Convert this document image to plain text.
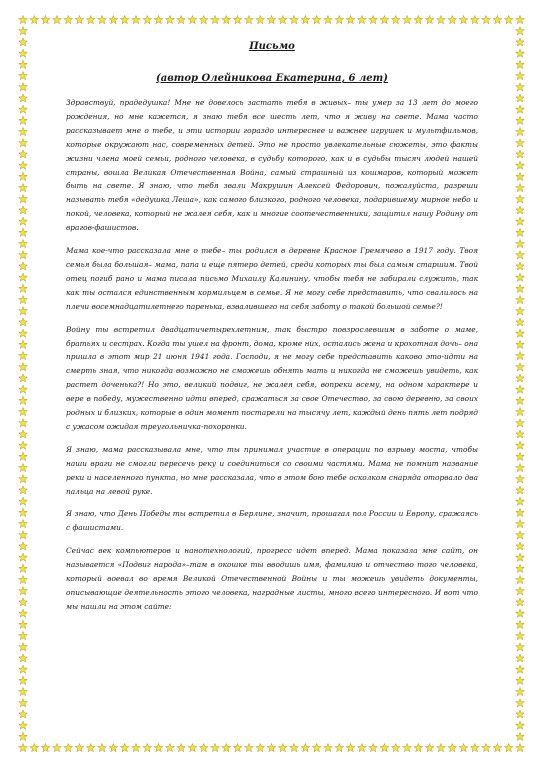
Письмо

(автор Олейникова Екатерина, 6 лет)

Здравствуй, прадедушка! Мне не довелось застать тебя в живых– ты умер за 13 лет до моего рождения, но мне кажется, я знаю тебя все шесть лет, что я живу на свете. Мама часто рассказывает мне о тебе, и эти истории гораздо интереснее и важнее игрушек и мультфильмов, которые окружают нас, современных детей. Это не просто увлекательные сюжеты, это факты жизни члена моей семьи, родного человека, в судьбу которого, как и в судьбы тысяч людей нашей страны, вошла Великая Отечественная Война, самый страшный из кошмаров, который может быть на свете. Я знаю, что тебя звали Макрушин Алексей Федорович, пожалуйста, разреши называть тебя «дедушка Леша», как самого близкого, родного человека, подарившему мирное небо и покой, человека, который не жалея себя, как и многие соотечественники, защитил нашу Родину от врагов-фашистов.

Мама кое-что рассказала мне о тебе– ты родился в деревне Красное Гремячево в 1917 году. Твоя семья была большая– мама, папа и еще пятеро детей, среди которых ты был самым старшим. Твой отец погиб рано и мама писала письмо Михаилу Калинину, чтобы тебя не забирали служить, так как ты остался единственным кормильцем в семье. Я не могу себе представить, что свалилось на плечи восемнадцатилетнего паренька, взвалившего на себя заботу о такой большой семье?!

Войну ты встретил двадцатичетырехлетним, так быстро повзрослевшим в заботе о маме, братьях и сестрах. Когда ты ушел на фронт, дома, кроме них, остались жена и крохотная дочь– она пришла в этот мир 21 июня 1941 года. Господи, я не могу себе представить каково это-идти на смерть зная, что никогда возможно не сможешь обнять мать и никогда не сможешь увидеть, как растет доченька?! Но это, великий подвиг, не жалея себя, вопреки всему, на одном характере и вере в победу, мужественно идти вперед, сражаться за свое Отечество, за свою деревню, за своих родных и близких, которые в один момент постарели на тысячу лет, каждый день пять лет подряд с ужасом ожидая треугольничка-похоронки.

Я знаю, мама рассказывала мне, что ты принимал участие в операции по взрыву моста, чтобы наши враги не смогли пересечь реку и соединиться со своими частями. Мама не помнит название реки и населенного пункта, но мне рассказала, что в этом бою тебе осколком снаряда оторвало два пальца на левой руке.

Я знаю, что День Победы ты встретил в Берлине, значит, прошагал пол России и Европу, сражаясь с фашистами.

Сейчас век компьютеров и нанотехнологий, прогресс идет вперед. Мама показала мне сайт, он называется «Подвиг народа»–там в окошке ты вводишь имя, фамилию и отчество того человека, который воевал во время Великой Отечественной Войны и ты можешь увидеть документы, описывающие деятельность этого человека, наградные листы, много всего интересного. И вот что мы нашли на этом сайте:
